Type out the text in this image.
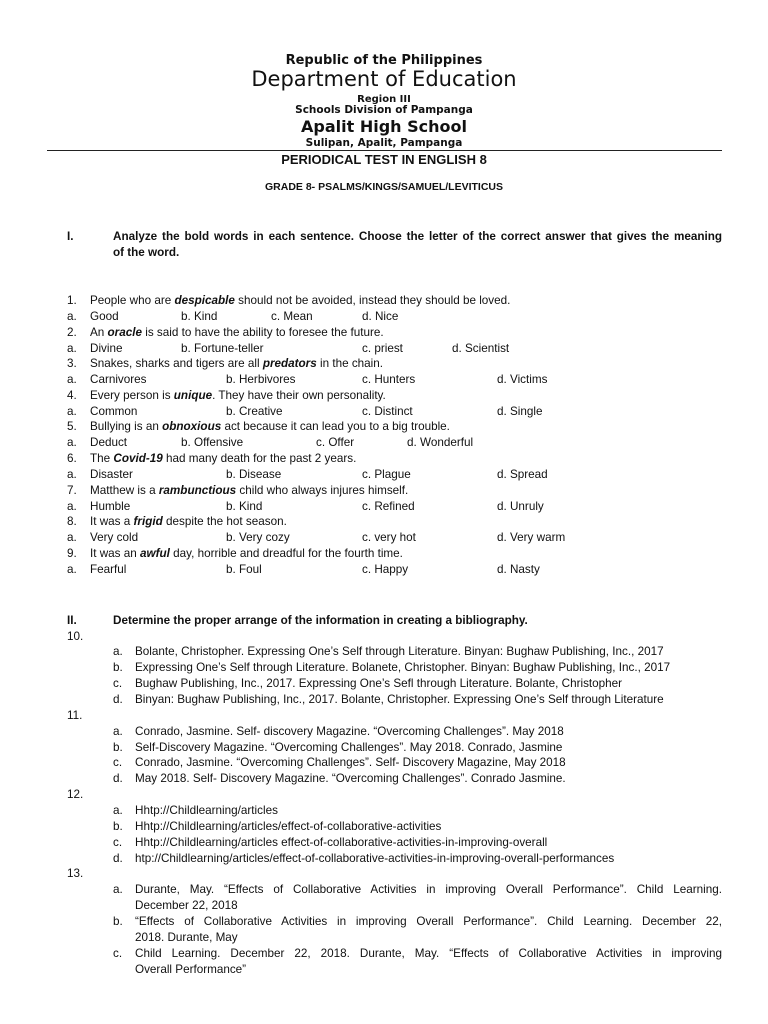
Republic of the Philippines
Department of Education
Region III
Schools Division of Pampanga
Apalit High School
Sulipan, Apalit, Pampanga
PERIODICAL TEST IN ENGLISH 8
GRADE 8- PSALMS/KINGS/SAMUEL/LEVITICUS
I.	Analyze the bold words in each sentence. Choose the letter of the correct answer that gives the meaning
of the word.
1. People who are despicable should not be avoided, instead they should be loved.
a. Good	b. Kind	c. Mean	d. Nice
2. An oracle is said to have the ability to foresee the future.
a. Divine	b. Fortune-teller	c. priest	d. Scientist
3. Snakes, sharks and tigers are all predators in the chain.
a. Carnivores	b. Herbivores	c. Hunters	d. Victims
4. Every person is unique. They have their own personality.
a. Common	b. Creative	c. Distinct	d. Single
5. Bullying is an obnoxious act because it can lead you to a big trouble.
a. Deduct	b. Offensive	c. Offer	d. Wonderful
6. The Covid-19 had many death for the past 2 years.
a. Disaster	b. Disease	c. Plague	d. Spread
7. Matthew is a rambunctious child who always injures himself.
a. Humble	b. Kind	c. Refined	d. Unruly
8. It was a frigid despite the hot season.
a. Very cold	b. Very cozy	c. very hot	d. Very warm
9. It was an awful day, horrible and dreadful for the fourth time.
a. Fearful	b. Foul	c. Happy	d. Nasty
II.	Determine the proper arrange of the information in creating a bibliography.
10.
a. Bolante, Christopher. Expressing One’s Self through Literature. Binyan: Bughaw Publishing, Inc., 2017
b. Expressing One’s Self through Literature. Bolanete, Christopher. Binyan: Bughaw Publishing, Inc., 2017
c. Bughaw Publishing, Inc., 2017. Expressing One’s Sefl through Literature. Bolante, Christopher
d. Binyan: Bughaw Publishing, Inc., 2017. Bolante, Christopher. Expressing One’s Self through Literature
11.
a. Conrado, Jasmine. Self- discovery Magazine. “Overcoming Challenges”. May 2018
b. Self-Discovery Magazine. “Overcoming Challenges”. May 2018. Conrado, Jasmine
c. Conrado, Jasmine. “Overcoming Challenges”. Self- Discovery Magazine, May 2018
d. May 2018. Self- Discovery Magazine. “Overcoming Challenges”. Conrado Jasmine.
12.
a. Hhtp://Childlearning/articles
b. Hhtp://Childlearning/articles/effect-of-collaborative-activities
c. Hhtp://Childlearning/articles effect-of-collaborative-activities-in-improving-overall
d. htp://Childlearning/articles/effect-of-collaborative-activities-in-improving-overall-performances
13.
a. Durante, May. “Effects of Collaborative Activities in improving Overall Performance”. Child Learning.
December 22, 2018
b. “Effects of Collaborative Activities in improving Overall Performance”. Child Learning. December 22,
2018. Durante, May
c. Child Learning. December 22, 2018. Durante, May. “Effects of Collaborative Activities in improving
Overall Performance”
